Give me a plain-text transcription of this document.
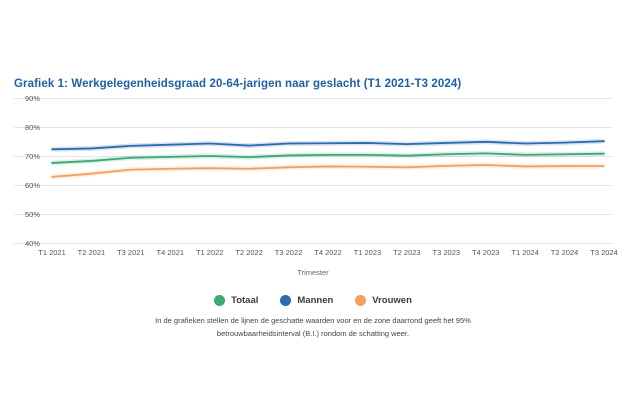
Grafiek 1: Werkgelegenheidsgraad 20-64-jarigen naar geslacht (T1 2021-T3 2024)
40%
50%
60%
70%
80%
90%
T1 2021 T2 2021 T3 2021 T4 2021 T1 2022 T2 2022 T3 2022 T4 2022 T1 2023 T2 2023 T3 2023 T4 2023 T1 2024 T2 2024 T3 2024
Trimester
Totaal	Mannen	Vrouwen
In de grafieken stellen de lijnen de geschatte waarden voor en de zone daarrond geeft het 95%
betrouwbaarheidsinterval (B.I.) rondom de schatting weer.
